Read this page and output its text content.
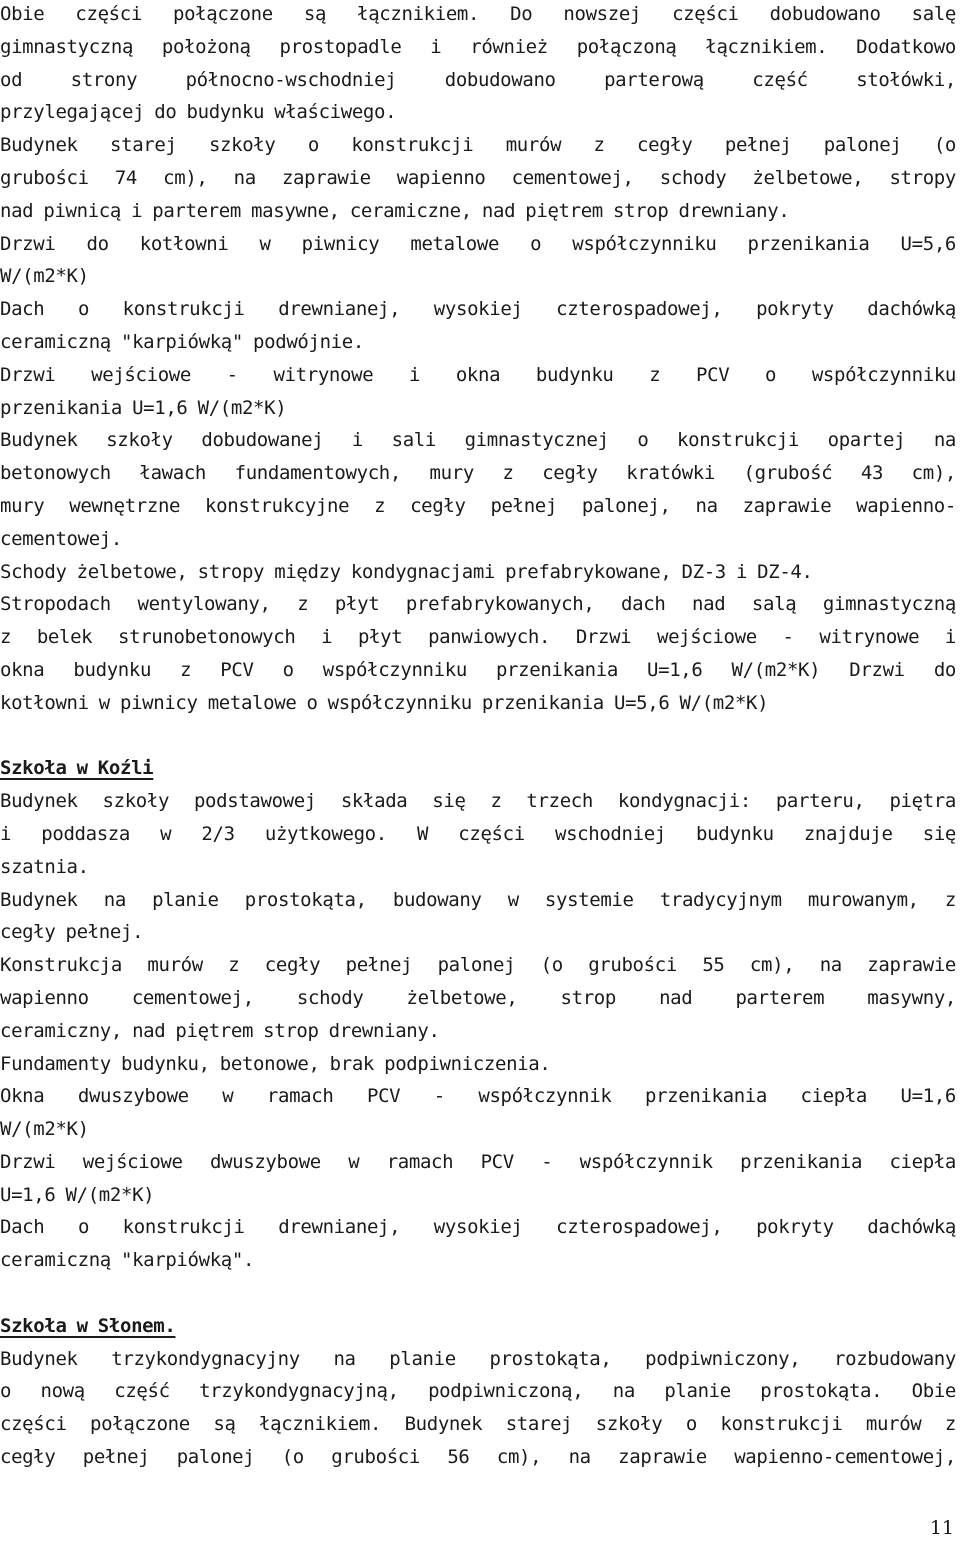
Obie części połączone są łącznikiem. Do nowszej części dobudowano salę
gimnastyczną położoną prostopadle i również połączoną łącznikiem. Dodatkowo
od strony północno-wschodniej dobudowano parterową część stołówki,
przylegającej do budynku właściwego.
Budynek starej szkoły o konstrukcji murów z cegły pełnej palonej (o
grubości 74 cm), na zaprawie wapienno cementowej, schody żelbetowe, stropy
nad piwnicą i parterem masywne, ceramiczne, nad piętrem strop drewniany.
Drzwi do kotłowni w piwnicy metalowe o współczynniku przenikania U=5,6
W/(m2*K)
Dach o konstrukcji drewnianej, wysokiej czterospadowej, pokryty dachówką
ceramiczną "karpiówką" podwójnie.
Drzwi wejściowe - witrynowe i okna budynku z PCV o współczynniku
przenikania U=1,6 W/(m2*K)
Budynek szkoły dobudowanej i sali gimnastycznej o konstrukcji opartej na
betonowych ławach fundamentowych, mury z cegły kratówki (grubość 43 cm),
mury wewnętrzne konstrukcyjne z cegły pełnej palonej, na zaprawie wapienno-
cementowej.
Schody żelbetowe, stropy między kondygnacjami prefabrykowane, DZ-3 i DZ-4.
Stropodach wentylowany, z płyt prefabrykowanych, dach nad salą gimnastyczną
z belek strunobetonowych i płyt panwiowych. Drzwi wejściowe - witrynowe i
okna budynku z PCV o współczynniku przenikania U=1,6 W/(m2*K) Drzwi do
kotłowni w piwnicy metalowe o współczynniku przenikania U=5,6 W/(m2*K)
Szkoła w Koźli
Budynek szkoły podstawowej składa się z trzech kondygnacji: parteru, piętra
i poddasza w 2/3 użytkowego. W części wschodniej budynku znajduje się
szatnia.
Budynek na planie prostokąta, budowany w systemie tradycyjnym murowanym, z
cegły pełnej.
Konstrukcja murów z cegły pełnej palonej (o grubości 55 cm), na zaprawie
wapienno cementowej, schody żelbetowe, strop nad parterem masywny,
ceramiczny, nad piętrem strop drewniany.
Fundamenty budynku, betonowe, brak podpiwniczenia.
Okna dwuszybowe w ramach PCV - współczynnik przenikania ciepła U=1,6
W/(m2*K)
Drzwi wejściowe dwuszybowe w ramach PCV - współczynnik przenikania ciepła
U=1,6 W/(m2*K)
Dach o konstrukcji drewnianej, wysokiej czterospadowej, pokryty dachówką
ceramiczną "karpiówką".
Szkoła w Słonem.
Budynek trzykondygnacyjny na planie prostokąta, podpiwniczony, rozbudowany
o nową część trzykondygnacyjną, podpiwniczoną, na planie prostokąta. Obie
części połączone są łącznikiem. Budynek starej szkoły o konstrukcji murów z
cegły pełnej palonej (o grubości 56 cm), na zaprawie wapienno-cementowej,
11
